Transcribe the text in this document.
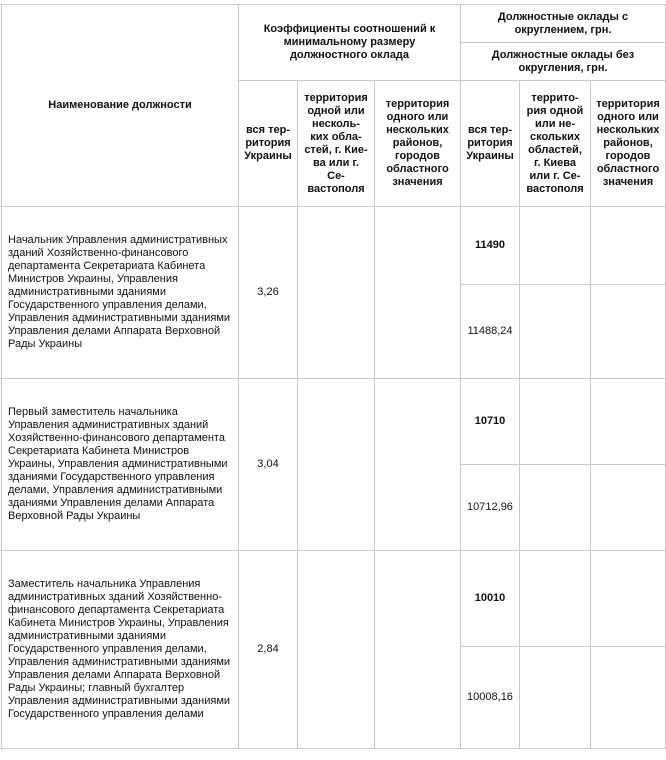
Наименование должности	Коэффициенты соотношений к минимальному размеру должностного оклада			Должностные оклады с округлением, грн.		
				Должностные оклады без округления, грн.		
	вся тер-ритория Украины	территория одной или несколь-ких обла-стей, г. Кие-ва или г. Се-вастополя	территория одного или нескольких районов, городов областного значения	вся тер-ритория Украины	террито-рия одной или не-скольких областей, г. Киева или г. Се-вастополя	территория одного или нескольких районов, городов областного значения
Начальник Управления административных зданий Хозяйственно-финансового департамента Секретариата Кабинета Министров Украины, Управления административными зданиями Государственного управления делами, Управления административными зданиями Управления делами Аппарата Верховной Рады Украины	3,26			11490		
				11488,24		
Первый заместитель начальника Управления административных зданий Хозяйственно-финансового департамента Секретариата Кабинета Министров Украины, Управления административными зданиями Государственного управления делами, Управления административными зданиями Управления делами Аппарата Верховной Рады Украины	3,04			10710		
				10712,96		
Заместитель начальника Управления административных зданий Хозяйственно-финансового департамента Секретариата Кабинета Министров Украины, Управления административными зданиями Государственного управления делами, Управления административными зданиями Управления делами Аппарата Верховной Рады Украины; главный бухгалтер Управления административными зданиями Государственного управления делами	2,84			10010		
				10008,16		
